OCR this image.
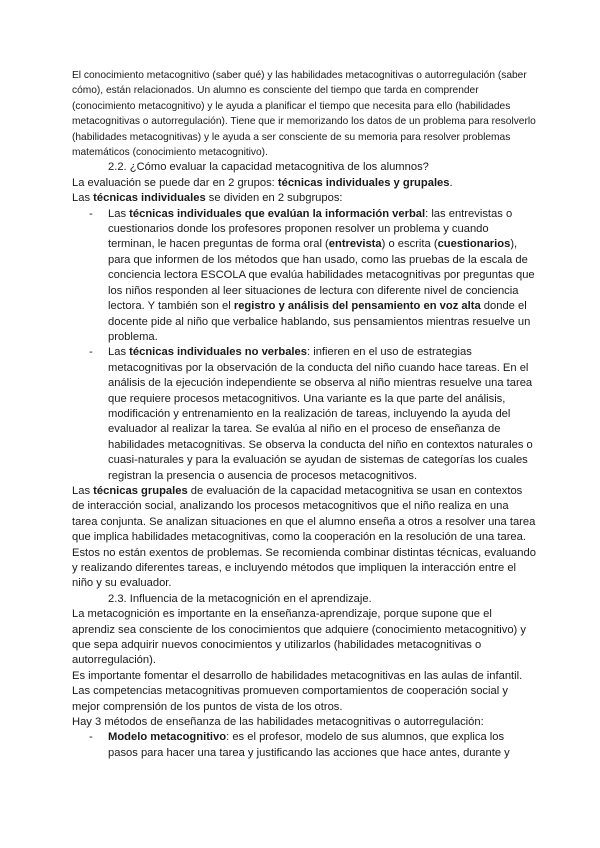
El conocimiento metacognitivo (saber qué) y las habilidades metacognitivas o autorregulación (saber cómo), están relacionados. Un alumno es consciente del tiempo que tarda en comprender (conocimiento metacognitivo) y le ayuda a planificar el tiempo que necesita para ello (habilidades metacognitivas o autorregulación). Tiene que ir memorizando los datos de un problema para resolverlo (habilidades metacognitivas) y le ayuda a ser consciente de su memoria para resolver problemas matemáticos (conocimiento metacognitivo).

2.2. ¿Cómo evaluar la capacidad metacognitiva de los alumnos?

La evaluación se puede dar en 2 grupos: técnicas individuales y grupales.

Las técnicas individuales se dividen en 2 subgrupos:

- Las técnicas individuales que evalúan la información verbal: las entrevistas o cuestionarios donde los profesores proponen resolver un problema y cuando terminan, le hacen preguntas de forma oral (entrevista) o escrita (cuestionarios), para que informen de los métodos que han usado, como las pruebas de la escala de conciencia lectora ESCOLA que evalúa habilidades metacognitivas por preguntas que los niños responden al leer situaciones de lectura con diferente nivel de conciencia lectora. Y también son el registro y análisis del pensamiento en voz alta donde el docente pide al niño que verbalice hablando, sus pensamientos mientras resuelve un problema.
- Las técnicas individuales no verbales: infieren en el uso de estrategias metacognitivas por la observación de la conducta del niño cuando hace tareas. En el análisis de la ejecución independiente se observa al niño mientras resuelve una tarea que requiere procesos metacognitivos. Una variante es la que parte del análisis, modificación y entrenamiento en la realización de tareas, incluyendo la ayuda del evaluador al realizar la tarea. Se evalúa al niño en el proceso de enseñanza de habilidades metacognitivas. Se observa la conducta del niño en contextos naturales o cuasi-naturales y para la evaluación se ayudan de sistemas de categorías los cuales registran la presencia o ausencia de procesos metacognitivos.

Las técnicas grupales de evaluación de la capacidad metacognitiva se usan en contextos de interacción social, analizando los procesos metacognitivos que el niño realiza en una tarea conjunta. Se analizan situaciones en que el alumno enseña a otros a resolver una tarea que implica habilidades metacognitivas, como la cooperación en la resolución de una tarea.

Estos no están exentos de problemas. Se recomienda combinar distintas técnicas, evaluando y realizando diferentes tareas, e incluyendo métodos que impliquen la interacción entre el niño y su evaluador.

2.3. Influencia de la metacognición en el aprendizaje.

La metacognición es importante en la enseñanza-aprendizaje, porque supone que el aprendiz sea consciente de los conocimientos que adquiere (conocimiento metacognitivo) y que sepa adquirir nuevos conocimientos y utilizarlos (habilidades metacognitivas o autorregulación).

Es importante fomentar el desarrollo de habilidades metacognitivas en las aulas de infantil. Las competencias metacognitivas promueven comportamientos de cooperación social y mejor comprensión de los puntos de vista de los otros.

Hay 3 métodos de enseñanza de las habilidades metacognitivas o autorregulación:

- Modelo metacognitivo: es el profesor, modelo de sus alumnos, que explica los pasos para hacer una tarea y justificando las acciones que hace antes, durante y
